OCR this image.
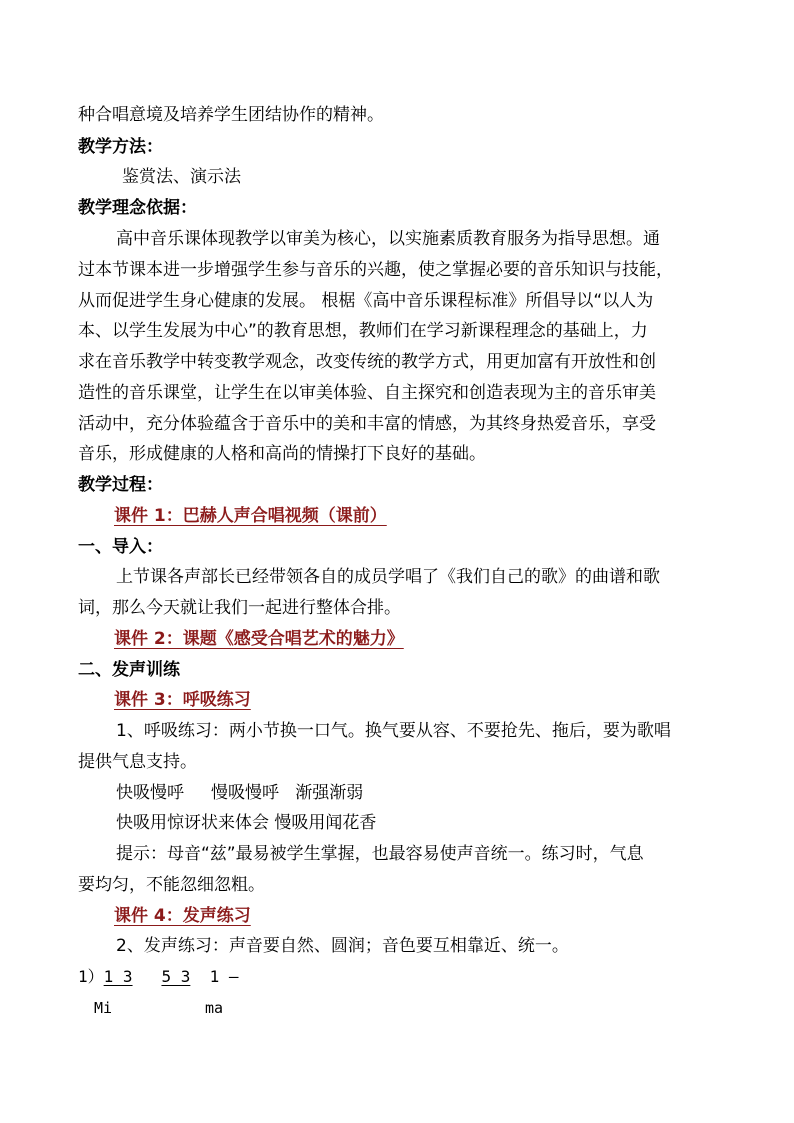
种合唱意境及培养学生团结协作的精神。
教学方法：
鉴赏法、演示法
教学理念依据：
高中音乐课体现教学以审美为核心，以实施素质教育服务为指导思想。通
过本节课本进一步增强学生参与音乐的兴趣，使之掌握必要的音乐知识与技能，
从而促进学生身心健康的发展。 根椐《高中音乐课程标准》所倡导以“以人为
本、以学生发展为中心”的教育思想，教师们在学习新课程理念的基础上，力
求在音乐教学中转变教学观念，改变传统的教学方式，用更加富有开放性和创
造性的音乐课堂，让学生在以审美体验、自主探究和创造表现为主的音乐审美
活动中，充分体验蕴含于音乐中的美和丰富的情感，为其终身热爱音乐，享受
音乐，形成健康的人格和高尚的情操打下良好的基础。
教学过程：
课件 1：巴赫人声合唱视频（课前）
一、导入：
上节课各声部长已经带领各自的成员学唱了《我们自己的歌》的曲谱和歌
词，那么今天就让我们一起进行整体合排。
课件 2：课题《感受合唱艺术的魅力》
二、发声训练
课件 3：呼吸练习
1、呼吸练习：两小节换一口气。换气要从容、不要抢先、拖后，要为歌唱
提供气息支持。
快吸慢呼     慢吸慢呼   渐强渐弱
快吸用惊讶状来体会 慢吸用闻花香
提示：母音“兹”最易被学生掌握，也最容易使声音统一。练习时，气息
要均匀，不能忽细忽粗。
课件 4：发声练习
2、发声练习：声音要自然、圆润；音色要互相靠近、统一。
1）1 3 5 3  1 —
Mi	ma
